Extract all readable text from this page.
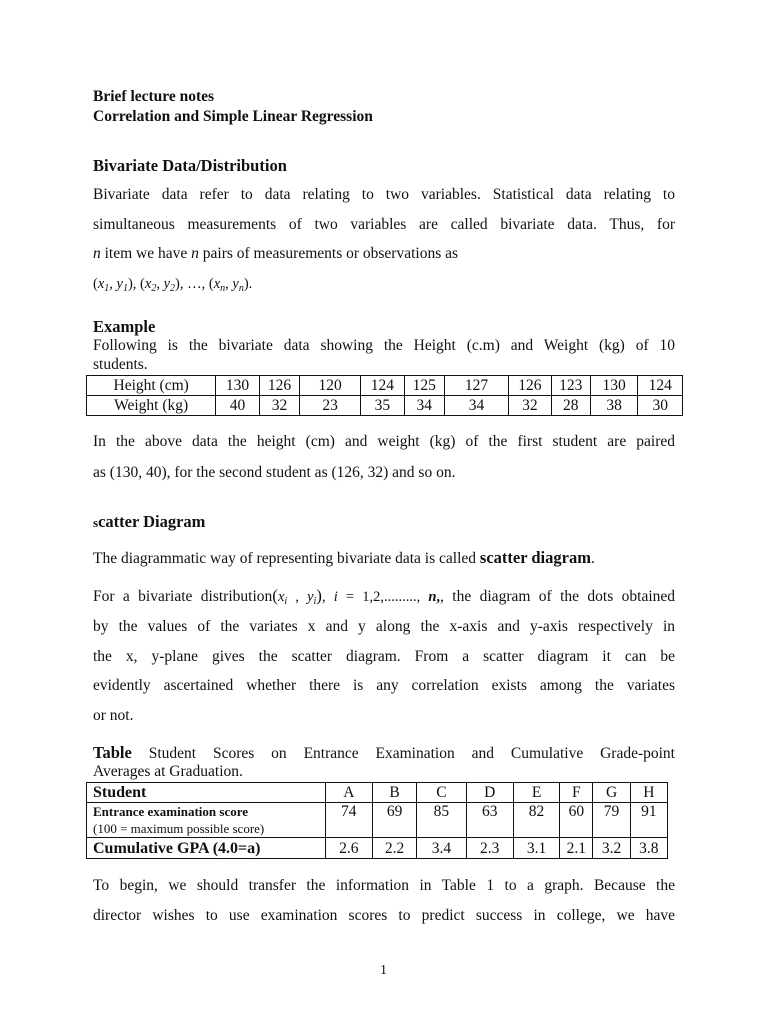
Brief lecture notes
Correlation and Simple Linear Regression
Bivariate Data/Distribution
Bivariate data refer to data relating to two variables. Statistical data relating to
simultaneous measurements of two variables are called bivariate data. Thus, for
n item we have n pairs of measurements or observations as
($x_1$, $y_1$), ($x_2$, $y_2$), …, ($x_n$, $y_n$).
Example
Following is the bivariate data showing the Height (c.m) and Weight (kg) of 10
students.
Height (cm)	130	126	120	124	125	127	126	123	130	124
Weight (kg)	40	32	23	35	34	34	32	28	38	30
In the above data the height (cm) and weight (kg) of the first student are paired
as (130, 40), for the second student as (126, 32) and so on.
scatter Diagram
The diagrammatic way of representing bivariate data is called scatter diagram.
For a bivariate $distribution(x_i$ , $y_i$), i = 1,2,........., n,, the diagram of the dots obtained
by the values of the variates x and y along the x-axis and y-axis respectively in
the x, y-plane gives the scatter diagram. From a scatter diagram it can be
evidently ascertained whether there is any correlation exists among the variates
or not.
Table Student Scores on Entrance Examination and Cumulative Grade-point
Averages at Graduation.
Student	A	B	C	D	E	F	G	H

Entrance examination score
(100 = maximum possible score)	74	69	85	63	82	60	79	91
Cumulative GPA (4.0=a)	2.6	2.2	3.4	2.3	3.1	2.1	3.2	3.8
To begin, we should transfer the information in Table 1 to a graph. Because the
director wishes to use examination scores to predict success in college, we have
1
